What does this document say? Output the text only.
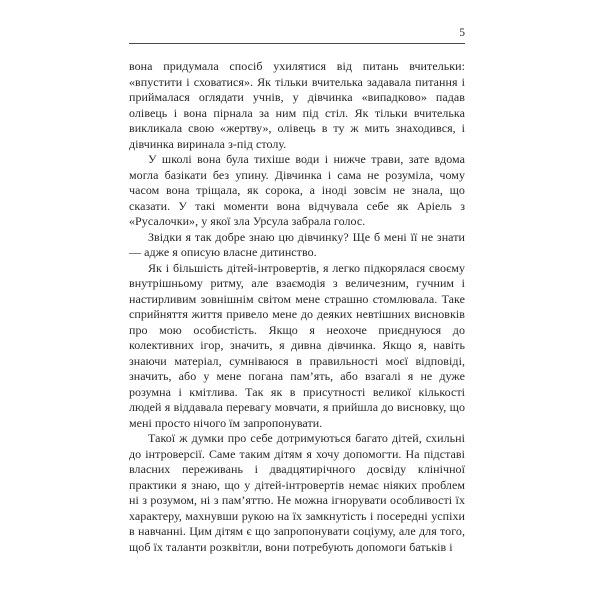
5

вона придумала спосіб ухилятися від питань вчительки: «впустити і сховатися». Як тільки вчителька задавала питання і приймалася оглядати учнів, у дівчинка «випадково» падав олівець і вона пірнала за ним під стіл. Як тільки вчителька викликала свою «жертву», олівець в ту ж мить знаходився, і дівчинка виринала з-під столу.

У школі вона була тихіше води і нижче трави, зате вдома могла базікати без упину. Дівчинка і сама не розуміла, чому часом вона тріщала, як сорока, а іноді зовсім не знала, що сказати. У такі моменти вона відчувала себе як Аріель з «Русалочки», у якої зла Урсула забрала голос.

Звідки я так добре знаю цю дівчинку? Ще б мені її не знати — адже я описую власне дитинство.

Як і більшість дітей-інтровертів, я легко підкорялася своєму внутрішньому ритму, але взаємодія з величезним, гучним і настирливим зовнішнім світом мене страшно стомлювала. Таке сприйняття життя привело мене до деяких невтішних висновків про мою особистість. Якщо я неохоче приєднуюся до колективних ігор, значить, я дивна дівчинка. Якщо я, навіть знаючи матеріал, сумніваюся в правильності моєї відповіді, значить, або у мене погана пам’ять, або взагалі я не дуже розумна і кмітлива. Так як в присутності великої кількості людей я віддавала перевагу мовчати, я прийшла до висновку, що мені просто нічого їм запропонувати.

Такої ж думки про себе дотримуються багато дітей, схильні до інтроверсії. Саме таким дітям я хочу допомогти. На підставі власних переживань і двадцятирічного досвіду клінічної практики я знаю, що у дітей-інтровертів немає ніяких проблем ні з розумом, ні з пам’яттю. Не можна ігнорувати особливості їх характеру, махнувши рукою на їх замкнутість і посередні успіхи в навчанні. Цим дітям є що запропонувати соціуму, але для того, щоб їх таланти розквітли, вони потребують допомоги батьків і
